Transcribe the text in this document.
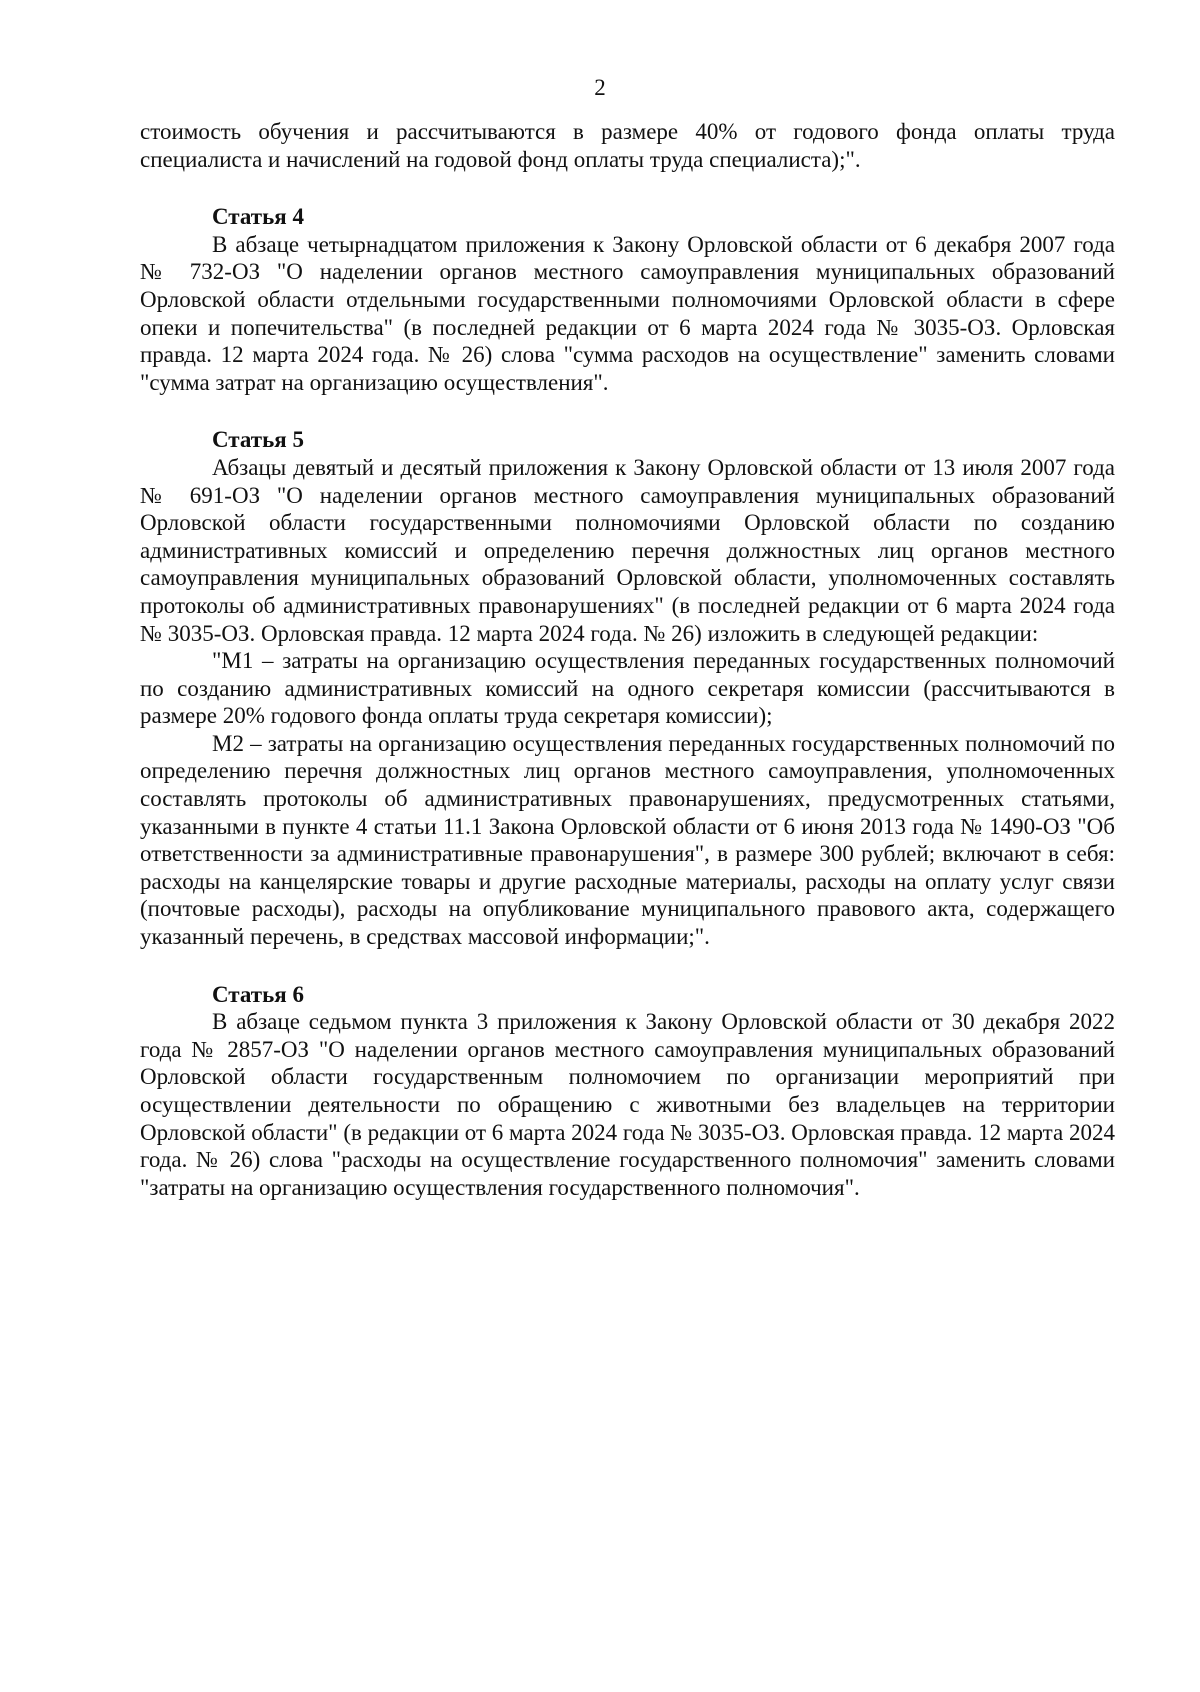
2

стоимость обучения и рассчитываются в размере 40% от годового фонда оплаты труда специалиста и начислений на годовой фонд оплаты труда специалиста);".

Статья 4

В абзаце четырнадцатом приложения к Закону Орловской области от 6 декабря 2007 года № 732-ОЗ "О наделении органов местного самоуправления муниципальных образований Орловской области отдельными государственными полномочиями Орловской области в сфере опеки и попечительства" (в последней редакции от 6 марта 2024 года № 3035-ОЗ. Орловская правда. 12 марта 2024 года. № 26) слова "сумма расходов на осуществление" заменить словами "сумма затрат на организацию осуществления".

Статья 5

Абзацы девятый и десятый приложения к Закону Орловской области от 13 июля 2007 года № 691-ОЗ "О наделении органов местного самоуправления муниципальных образований Орловской области государственными полномочиями Орловской области по созданию административных комиссий и определению перечня должностных лиц органов местного самоуправления муниципальных образований Орловской области, уполномоченных составлять протоколы об административных правонарушениях" (в последней редакции от 6 марта 2024 года № 3035-ОЗ. Орловская правда. 12 марта 2024 года. № 26) изложить в следующей редакции:

"М1 – затраты на организацию осуществления переданных государственных полномочий по созданию административных комиссий на одного секретаря комиссии (рассчитываются в размере 20% годового фонда оплаты труда секретаря комиссии);

М2 – затраты на организацию осуществления переданных государственных полномочий по определению перечня должностных лиц органов местного самоуправления, уполномоченных составлять протоколы об административных правонарушениях, предусмотренных статьями, указанными в пункте 4 статьи 11.1 Закона Орловской области от 6 июня 2013 года № 1490-ОЗ "Об ответственности за административные правонарушения", в размере 300 рублей; включают в себя: расходы на канцелярские товары и другие расходные материалы, расходы на оплату услуг связи (почтовые расходы), расходы на опубликование муниципального правового акта, содержащего указанный перечень, в средствах массовой информации;".

Статья 6

В абзаце седьмом пункта 3 приложения к Закону Орловской области от 30 декабря 2022 года № 2857-ОЗ "О наделении органов местного самоуправления муниципальных образований Орловской области государственным полномочием по организации мероприятий при осуществлении деятельности по обращению с животными без владельцев на территории Орловской области" (в редакции от 6 марта 2024 года № 3035-ОЗ. Орловская правда. 12 марта 2024 года. № 26) слова "расходы на осуществление государственного полномочия" заменить словами "затраты на организацию осуществления государственного полномочия".
